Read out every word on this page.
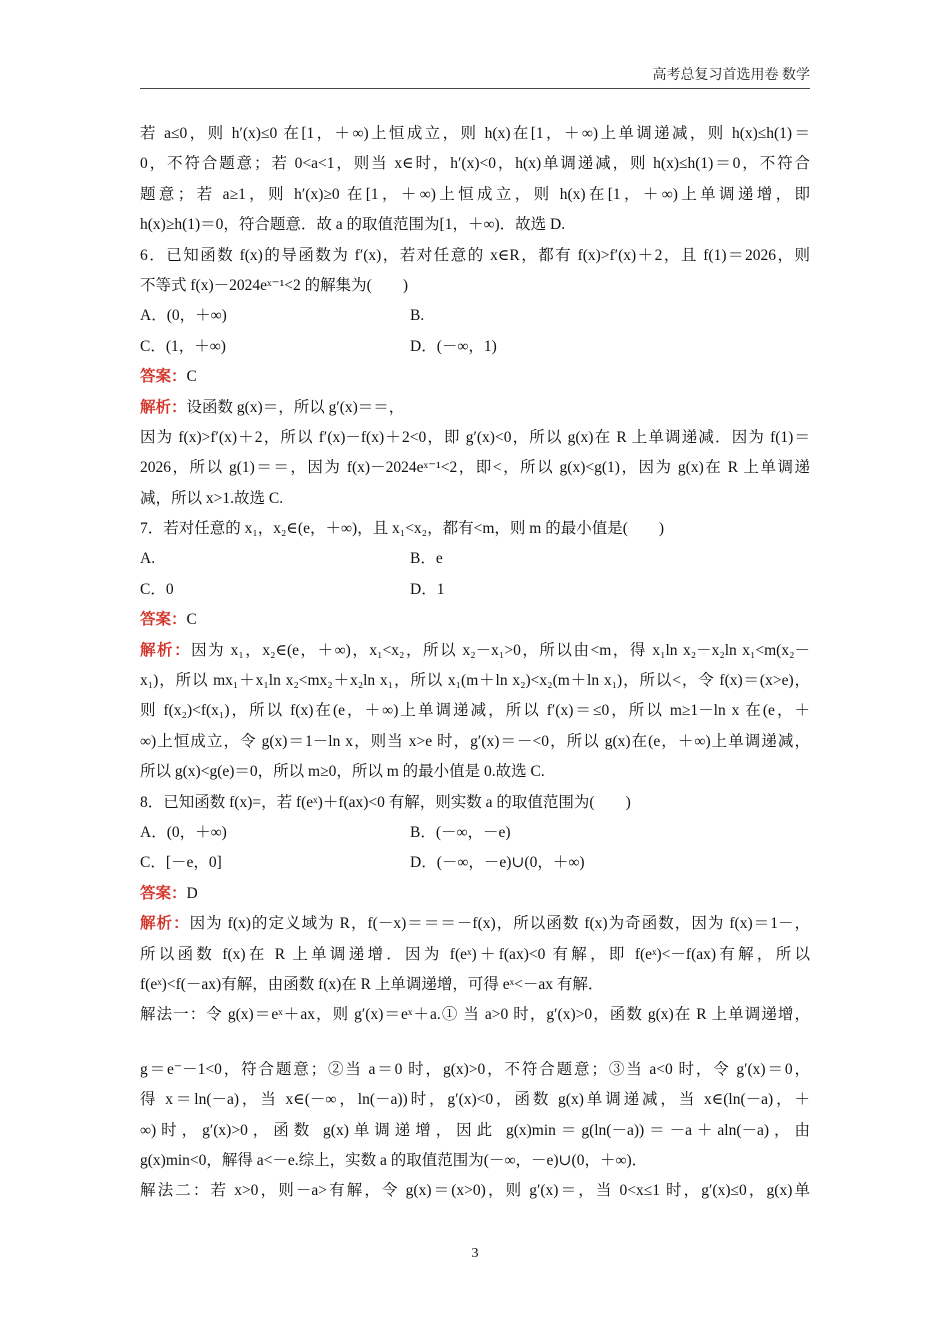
高考总复习首选用卷 数学
若 a≤0，则 h′(x)≤0 在[1，＋∞)上恒成立，则 h(x)在[1，＋∞)上单调递减，则 h(x)≤h(1)＝
0，不符合题意；若 0<a<1，则当 x∈时，h′(x)<0，h(x)单调递减，则 h(x)≤h(1)＝0，不符合
题意；若 a≥1，则 h′(x)≥0 在[1，＋∞)上恒成立，则 h(x)在[1，＋∞)上单调递增，即
h(x)≥h(1)＝0，符合题意．故 a 的取值范围为[1，＋∞)．故选 D.
6．已知函数 f(x)的导函数为 f′(x)，若对任意的 x∈R，都有 f(x)>f′(x)＋2，且 f(1)＝2026，则
不等式 f(x)－2024eˣ⁻¹<2 的解集为(　　)
A．(0，＋∞)	B.
C．(1，＋∞)	D．(－∞，1)
答案：C
解析：设函数 g(x)＝，所以 g′(x)＝＝，
因为 f(x)>f′(x)＋2，所以 f′(x)－f(x)＋2<0，即 g′(x)<0，所以 g(x)在 R 上单调递减．因为 f(1)＝
2026，所以 g(1)＝＝，因为 f(x)－2024eˣ⁻¹<2，即<，所以 g(x)<g(1)，因为 g(x)在 R 上单调递
减，所以 x>1.故选 C.
7．若对任意的 x₁，x₂∈(e，＋∞)，且 x₁<x₂，都有<m，则 m 的最小值是(　　)
A.	B．e
C．0	D．1
答案：C
解析：因为 x₁，x₂∈(e，＋∞)，x₁<x₂，所以 x₂－x₁>0，所以由<m，得 x₁ln x₂－x₂ln x₁<m(x₂－
x₁)，所以 mx₁＋x₁ln x₂<mx₂＋x₂ln x₁，所以 x₁(m＋ln x₂)<x₂(m＋ln x₁)，所以<，令 f(x)＝(x>e)，
则 f(x₂)<f(x₁)，所以 f(x)在(e，＋∞)上单调递减，所以 f′(x)＝≤0，所以 m≥1－ln x 在(e，＋
∞)上恒成立，令 g(x)＝1－ln x，则当 x>e 时，g′(x)＝－<0，所以 g(x)在(e，＋∞)上单调递减，
所以 g(x)<g(e)＝0，所以 m≥0，所以 m 的最小值是 0.故选 C.
8．已知函数 f(x)=，若 f(eˣ)＋f(ax)<0 有解，则实数 a 的取值范围为(　　)
A．(0，＋∞)	B．(－∞，－e)
C．[－e，0]	D．(－∞，－e)∪(0，＋∞)
答案：D
解析：因为 f(x)的定义域为 R，f(－x)＝＝＝－f(x)，所以函数 f(x)为奇函数，因为 f(x)＝1－，
所以函数 f(x)在 R 上单调递增．因为 f(eˣ)＋f(ax)<0 有解，即 f(eˣ)<－f(ax)有解，所以
f(eˣ)<f(－ax)有解，由函数 f(x)在 R 上单调递增，可得 eˣ<－ax 有解．
解法一：令 g(x)＝eˣ＋ax，则 g′(x)＝eˣ＋a.① 当 a>0 时，g′(x)>0，函数 g(x)在 R 上单调递增，
g＝e⁻－1<0，符合题意；②当 a＝0 时，g(x)>0，不符合题意；③当 a<0 时，令 g′(x)＝0，
得 x＝ln(－a)，当 x∈(－∞，ln(－a))时，g′(x)<0，函数 g(x)单调递减，当 x∈(ln(－a)，＋
∞)时，g′(x)>0，函数 g(x)单调递增，因此 g(x)min＝g(ln(－a))＝－a＋aln(－a)，由
g(x)min<0，解得 a<－e.综上，实数 a 的取值范围为(－∞，－e)∪(0，＋∞)．
解法二：若 x>0，则－a>有解，令 g(x)＝(x>0)，则 g′(x)＝，当 0<x≤1 时，g′(x)≤0，g(x)单
3
